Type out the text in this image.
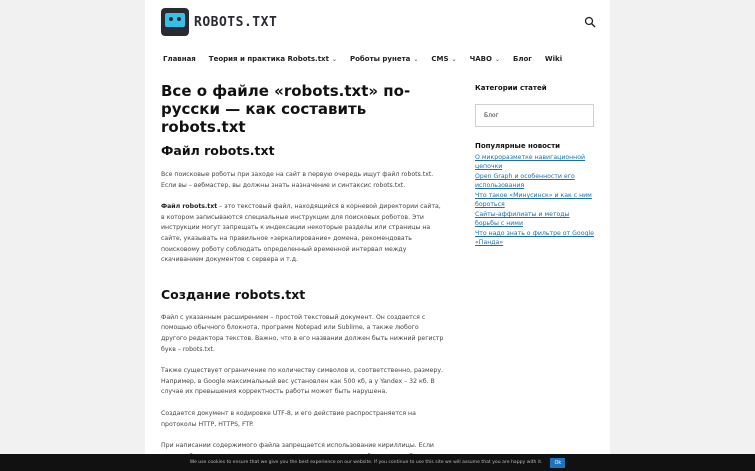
ROBOTS.TXT
Главная Теория и практика Robots.txt ⌄ Роботы рунета ⌄ CMS ⌄ ЧАВО ⌄ Блог Wiki
Все о файле «robots.txt» по-русски — как составить robots.txt
Файл robots.txt

Все поисковые роботы при заходе на сайт в первую очередь ищут файл robots.txt. Если вы – вебмастер, вы должны знать назначение и синтаксис robots.txt.

Файл robots.txt – это текстовый файл, находящийся в корневой директории сайта, в котором записываются специальные инструкции для поисковых роботов. Эти инструкции могут запрещать к индексации некоторые разделы или страницы на сайте, указывать на правильное «зеркалирование» домена, рекомендовать поисковому роботу соблюдать определенный временной интервал между скачиванием документов с сервера и т.д.

Создание robots.txt

Файл с указанным расширением – простой текстовый документ. Он создается с помощью обычного блокнота, программ Notepad или Sublime, а также любого другого редактора текстов. Важно, что в его названии должен быть нижний регистр букв – robots.txt.

Также существует ограничение по количеству символов и, соответственно, размеру. Например, в Google максимальный вес установлен как 500 кб, а у Yandex – 32 кб. В случае их превышения корректность работы может быть нарушена.

Создается документ в кодировке UTF-8, и его действие распространяется на протоколы HTTP, HTTPS, FTP.

При написании содержимого файла запрещается использование кириллицы. Если

Категории статей
Блог
Популярные новости
О микроразметке навигационной цепочки
Open Graph и особенности его использования
Что такое «Минусинск» и как с ним бороться
Сайты-аффилиаты и методы борьбы с ними
Что надо знать о фильтре от Google «Панда»
We use cookies to ensure that we give you the best experience on our website. If you continue to use this site we will assume that you are happy with it.	Ok
